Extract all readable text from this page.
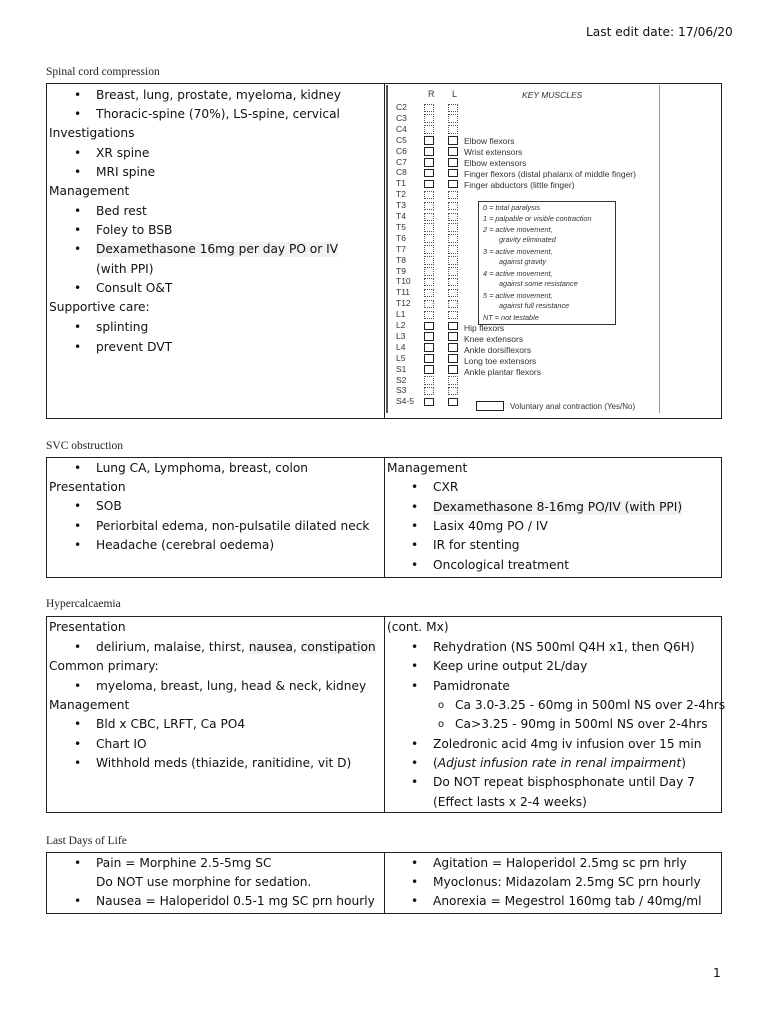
Last edit date: 17/06/20
Spinal cord compression
• Breast, lung, prostate, myeloma, kidney
• Thoracic-spine (70%), LS-spine, cervical
Investigations
• XR spine
• MRI spine
Management
• Bed rest
• Foley to BSB
• Dexamethasone 16mg per day PO or IV
(with PPI)
• Consult O&T
Supportive care:
• splinting
• prevent DVT
R L	KEY MUSCLES
Elbow flexors
Wrist extensors
Elbow extensors
Finger flexors (distal phalanx of middle finger)
Finger abductors (little finger)
0 = total paralysis
1 = palpable or visible contraction
2 = active movement,
gravity eliminated
3 = active movement,
against gravity
4 = active movement,
against some resistance
5 = active movement,
against full resistance
NT = not testable
Hip flexors
Knee extensors
Ankle dorsiflexors
Long toe extensors
Ankle plantar flexors
Voluntary anal contraction (Yes/No)
C2
C3
C4
C5
C6
C7
C8
T1
T2
T3
T4
T5
T6
T7
T8
T9
T10
T11
T12
L1
L2
L3
L4
L5
S1
S2
S3
S4-5
SVC obstruction
• Lung CA, Lymphoma, breast, colon
Presentation
• SOB
• Periorbital edema, non-pulsatile dilated neck
• Headache (cerebral oedema)
Management
• CXR
• Dexamethasone 8-16mg PO/IV (with PPI)
• Lasix 40mg PO / IV
• IR for stenting
• Oncological treatment
Hypercalcaemia
Presentation
• delirium, malaise, thirst, nausea, constipation
Common primary:
• myeloma, breast, lung, head & neck, kidney
Management
• Bld x CBC, LRFT, Ca PO4
• Chart IO
• Withhold meds (thiazide, ranitidine, vit D)
(cont. Mx)
• Rehydration (NS 500ml Q4H x1, then Q6H)
• Keep urine output 2L/day
• Pamidronate
o Ca 3.0-3.25 - 60mg in 500ml NS over 2-4hrs
o Ca>3.25 - 90mg in 500ml NS over 2-4hrs
• Zoledronic acid 4mg iv infusion over 15 min
• (Adjust infusion rate in renal impairment)
• Do NOT repeat bisphosphonate until Day 7
(Effect lasts x 2-4 weeks)
Last Days of Life
• Pain = Morphine 2.5-5mg SC
Do NOT use morphine for sedation.
• Nausea = Haloperidol 0.5-1 mg SC prn hourly
• Agitation = Haloperidol 2.5mg sc prn hrly
• Myoclonus: Midazolam 2.5mg SC prn hourly
• Anorexia = Megestrol 160mg tab / 40mg/ml
1
